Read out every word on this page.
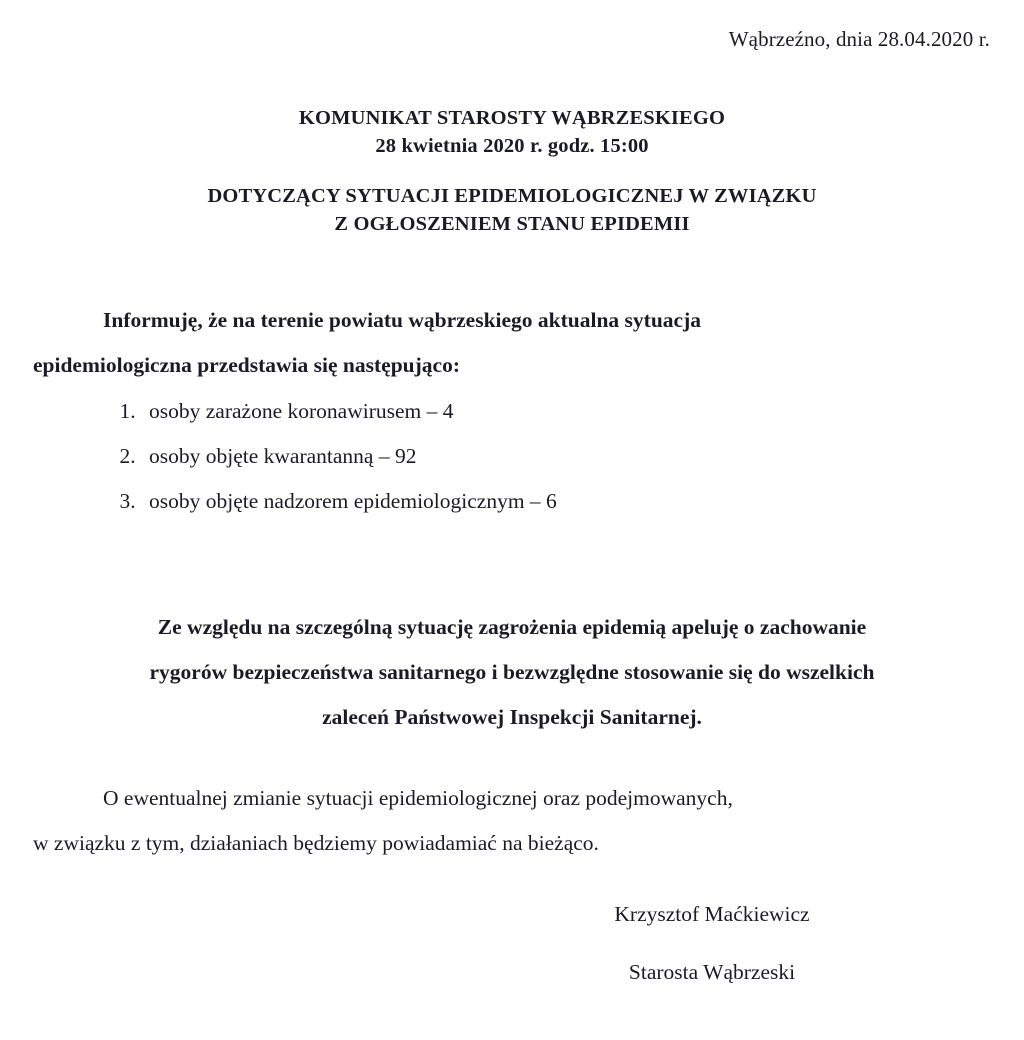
Wąbrzeźno, dnia 28.04.2020 r.
KOMUNIKAT STAROSTY WĄBRZESKIEGO
28 kwietnia 2020 r. godz. 15:00
DOTYCZĄCY SYTUACJI EPIDEMIOLOGICZNEJ W ZWIĄZKU
Z OGŁOSZENIEM STANU EPIDEMII
Informuję, że na terenie powiatu wąbrzeskiego aktualna sytuacja
epidemiologiczna przedstawia się następująco:
1. osoby zarażone koronawirusem – 4
2. osoby objęte kwarantanną – 92
3. osoby objęte nadzorem epidemiologicznym – 6
Ze względu na szczególną sytuację zagrożenia epidemią apeluję o zachowanie
rygorów bezpieczeństwa sanitarnego i bezwzględne stosowanie się do wszelkich
zaleceń Państwowej Inspekcji Sanitarnej.
O ewentualnej zmianie sytuacji epidemiologicznej oraz podejmowanych,
w związku z tym, działaniach będziemy powiadamiać na bieżąco.
Krzysztof Maćkiewicz
Starosta Wąbrzeski
